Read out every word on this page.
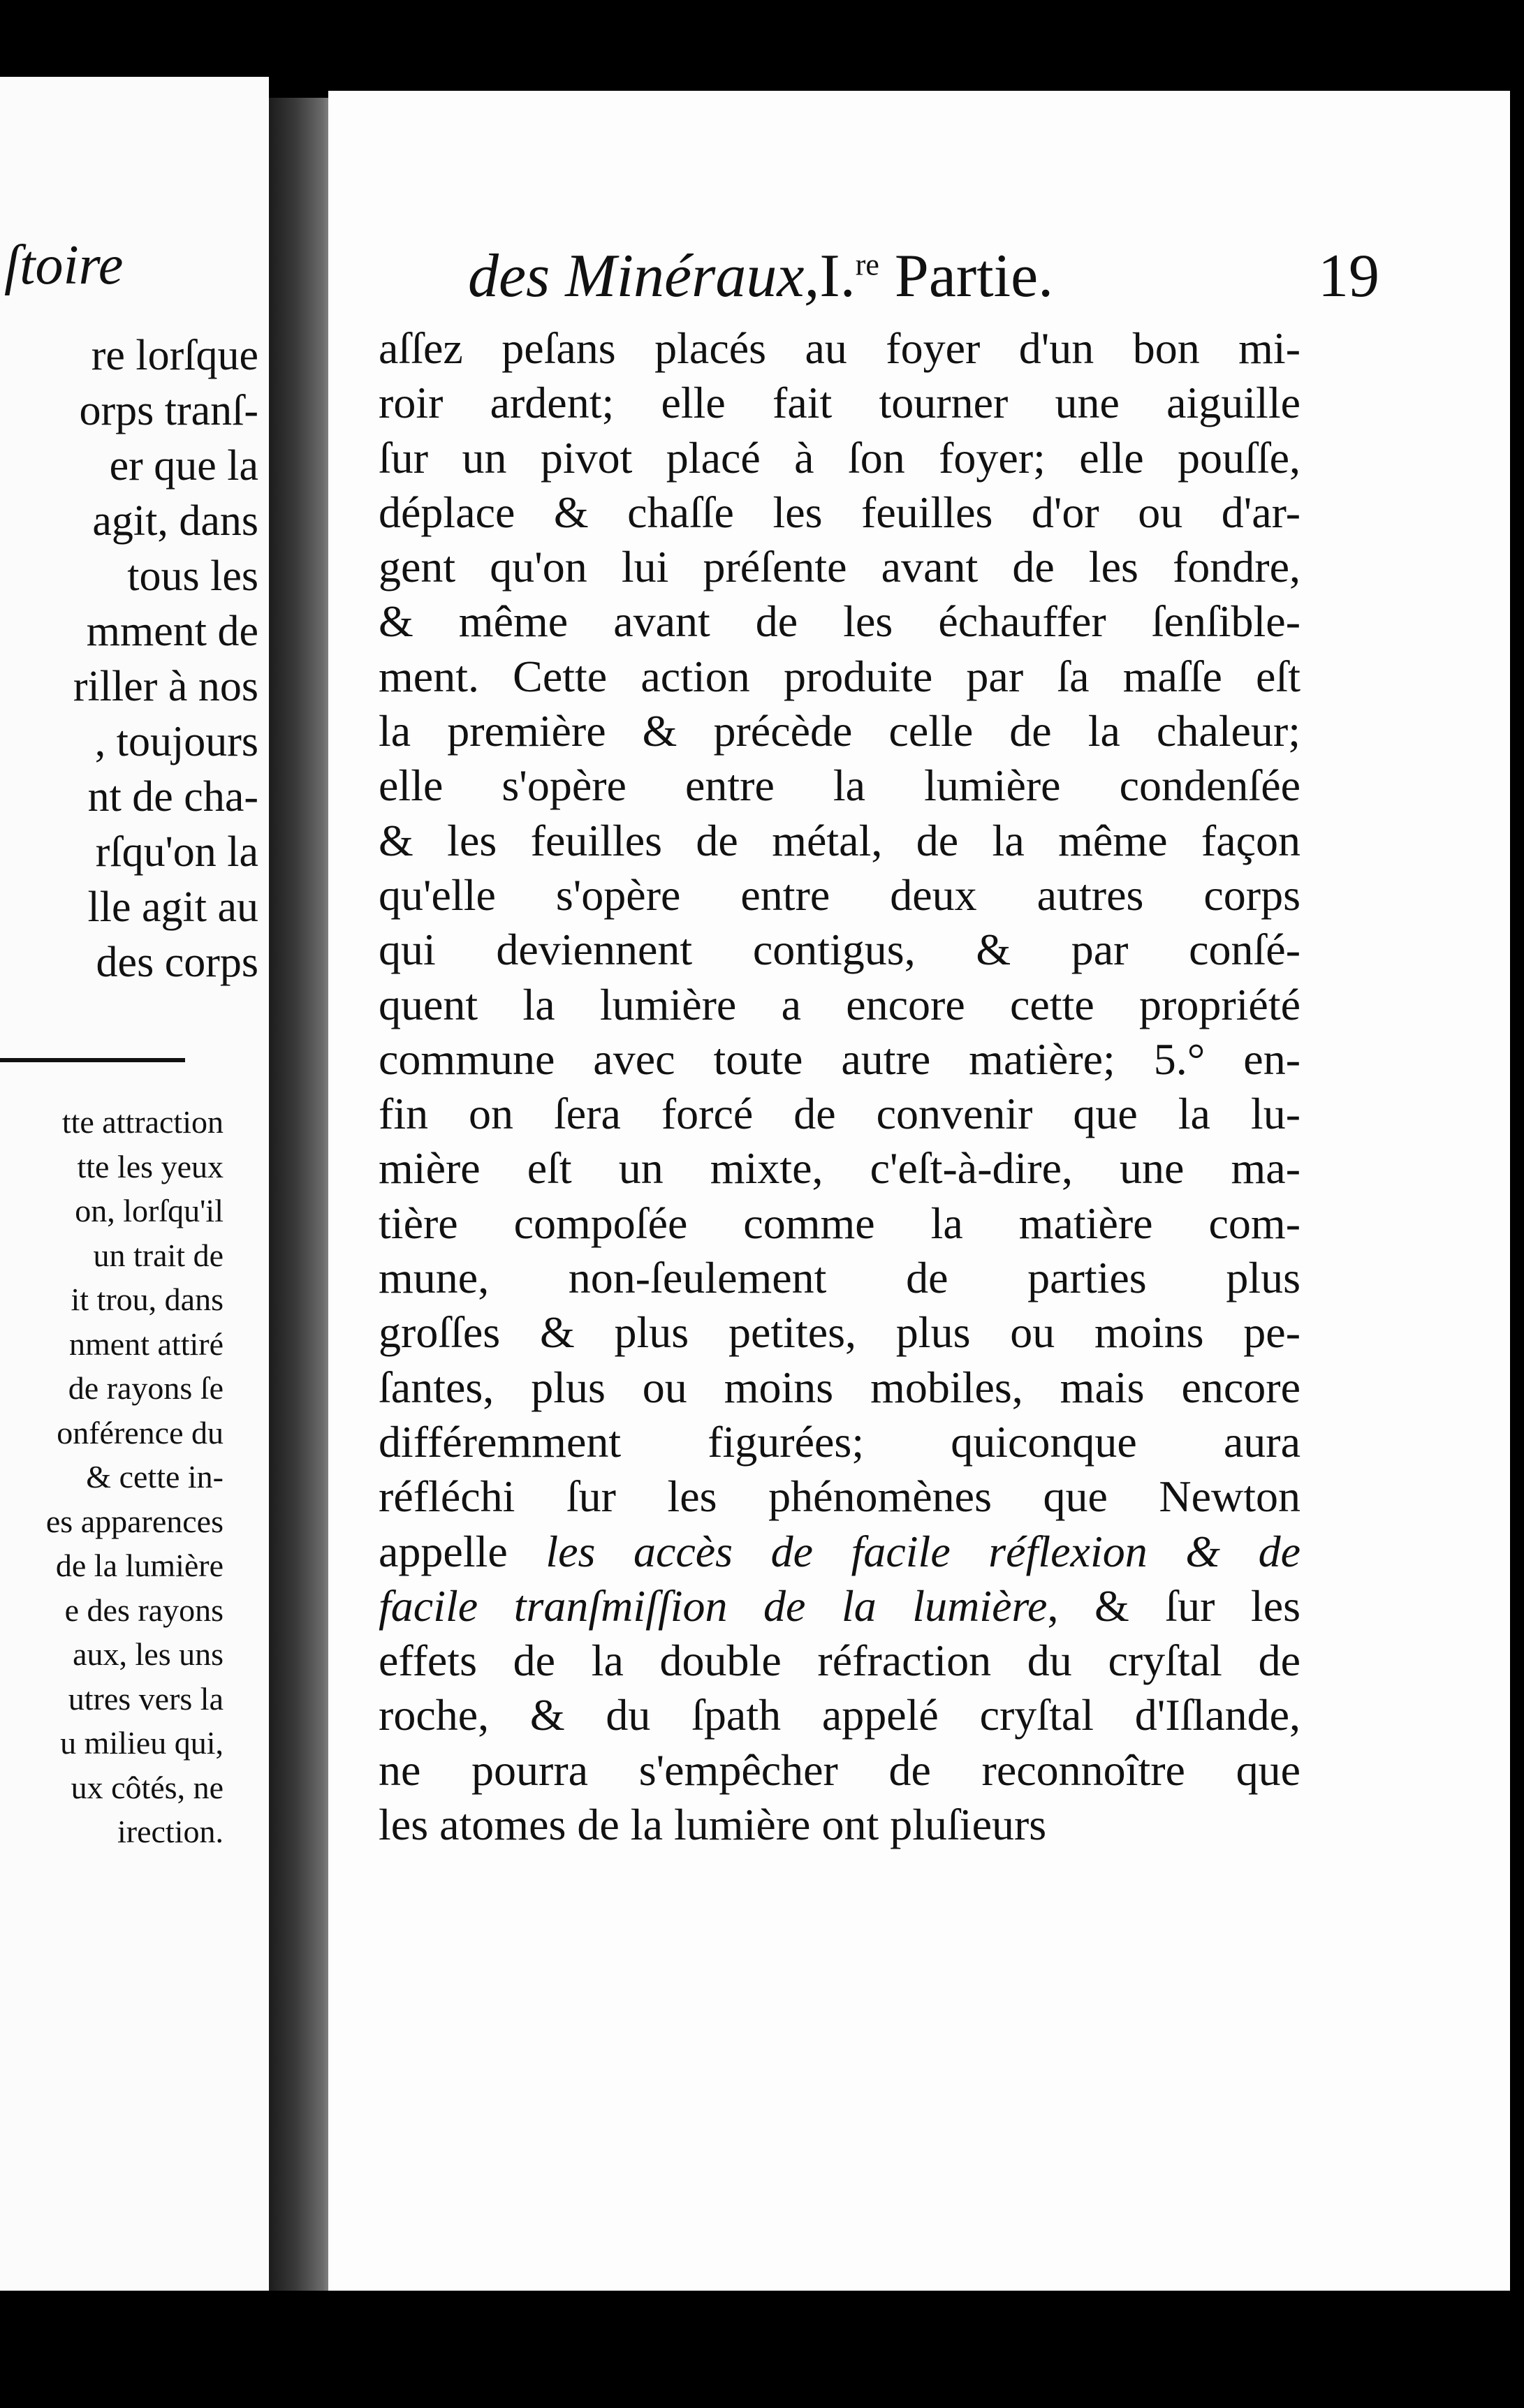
ſtoire
re lorſque
orps tranſ-
er que la
agit, dans
tous les
mment de
riller à nos
, toujours
nt de cha-
rſqu'on la
lle agit au
des corps
tte attraction
tte les yeux
on, lorſqu'il
un trait de
it trou, dans
nment attiré
de rayons ſe
onférence du
& cette in-
es apparences
de la lumière
e des rayons
aux, les uns
utres vers la
u milieu qui,
ux côtés, ne
irection.
des Minéraux, I.$^{re}$ Partie.	19
aſſez peſans placés au foyer d'un bon mi-
roir ardent; elle fait tourner une aiguille
ſur un pivot placé à ſon foyer; elle pouſſe,
déplace & chaſſe les feuilles d'or ou d'ar-
gent qu'on lui préſente avant de les fondre,
& même avant de les échauffer ſenſible-
ment. Cette action produite par ſa maſſe eſt
la première & précède celle de la chaleur;
elle s'opère entre la lumière condenſée
& les feuilles de métal, de la même façon
qu'elle s'opère entre deux autres corps
qui deviennent contigus, & par conſé-
quent la lumière a encore cette propriété
commune avec toute autre matière; 5.° en-
fin on ſera forcé de convenir que la lu-
mière eſt un mixte, c'eſt-à-dire, une ma-
tière compoſée comme la matière com-
mune, non-ſeulement de parties plus
groſſes & plus petites, plus ou moins pe-
ſantes, plus ou moins mobiles, mais encore
différemment figurées; quiconque aura
réfléchi ſur les phénomènes que Newton
appelle les accès de facile réflexion & de
facile tranſmiſſion de la lumière, & ſur les
effets de la double réfraction du cryſtal de
roche, & du ſpath appelé cryſtal d'Iſlande,
ne pourra s'empêcher de reconnoître que
les atomes de la lumière ont pluſieurs
